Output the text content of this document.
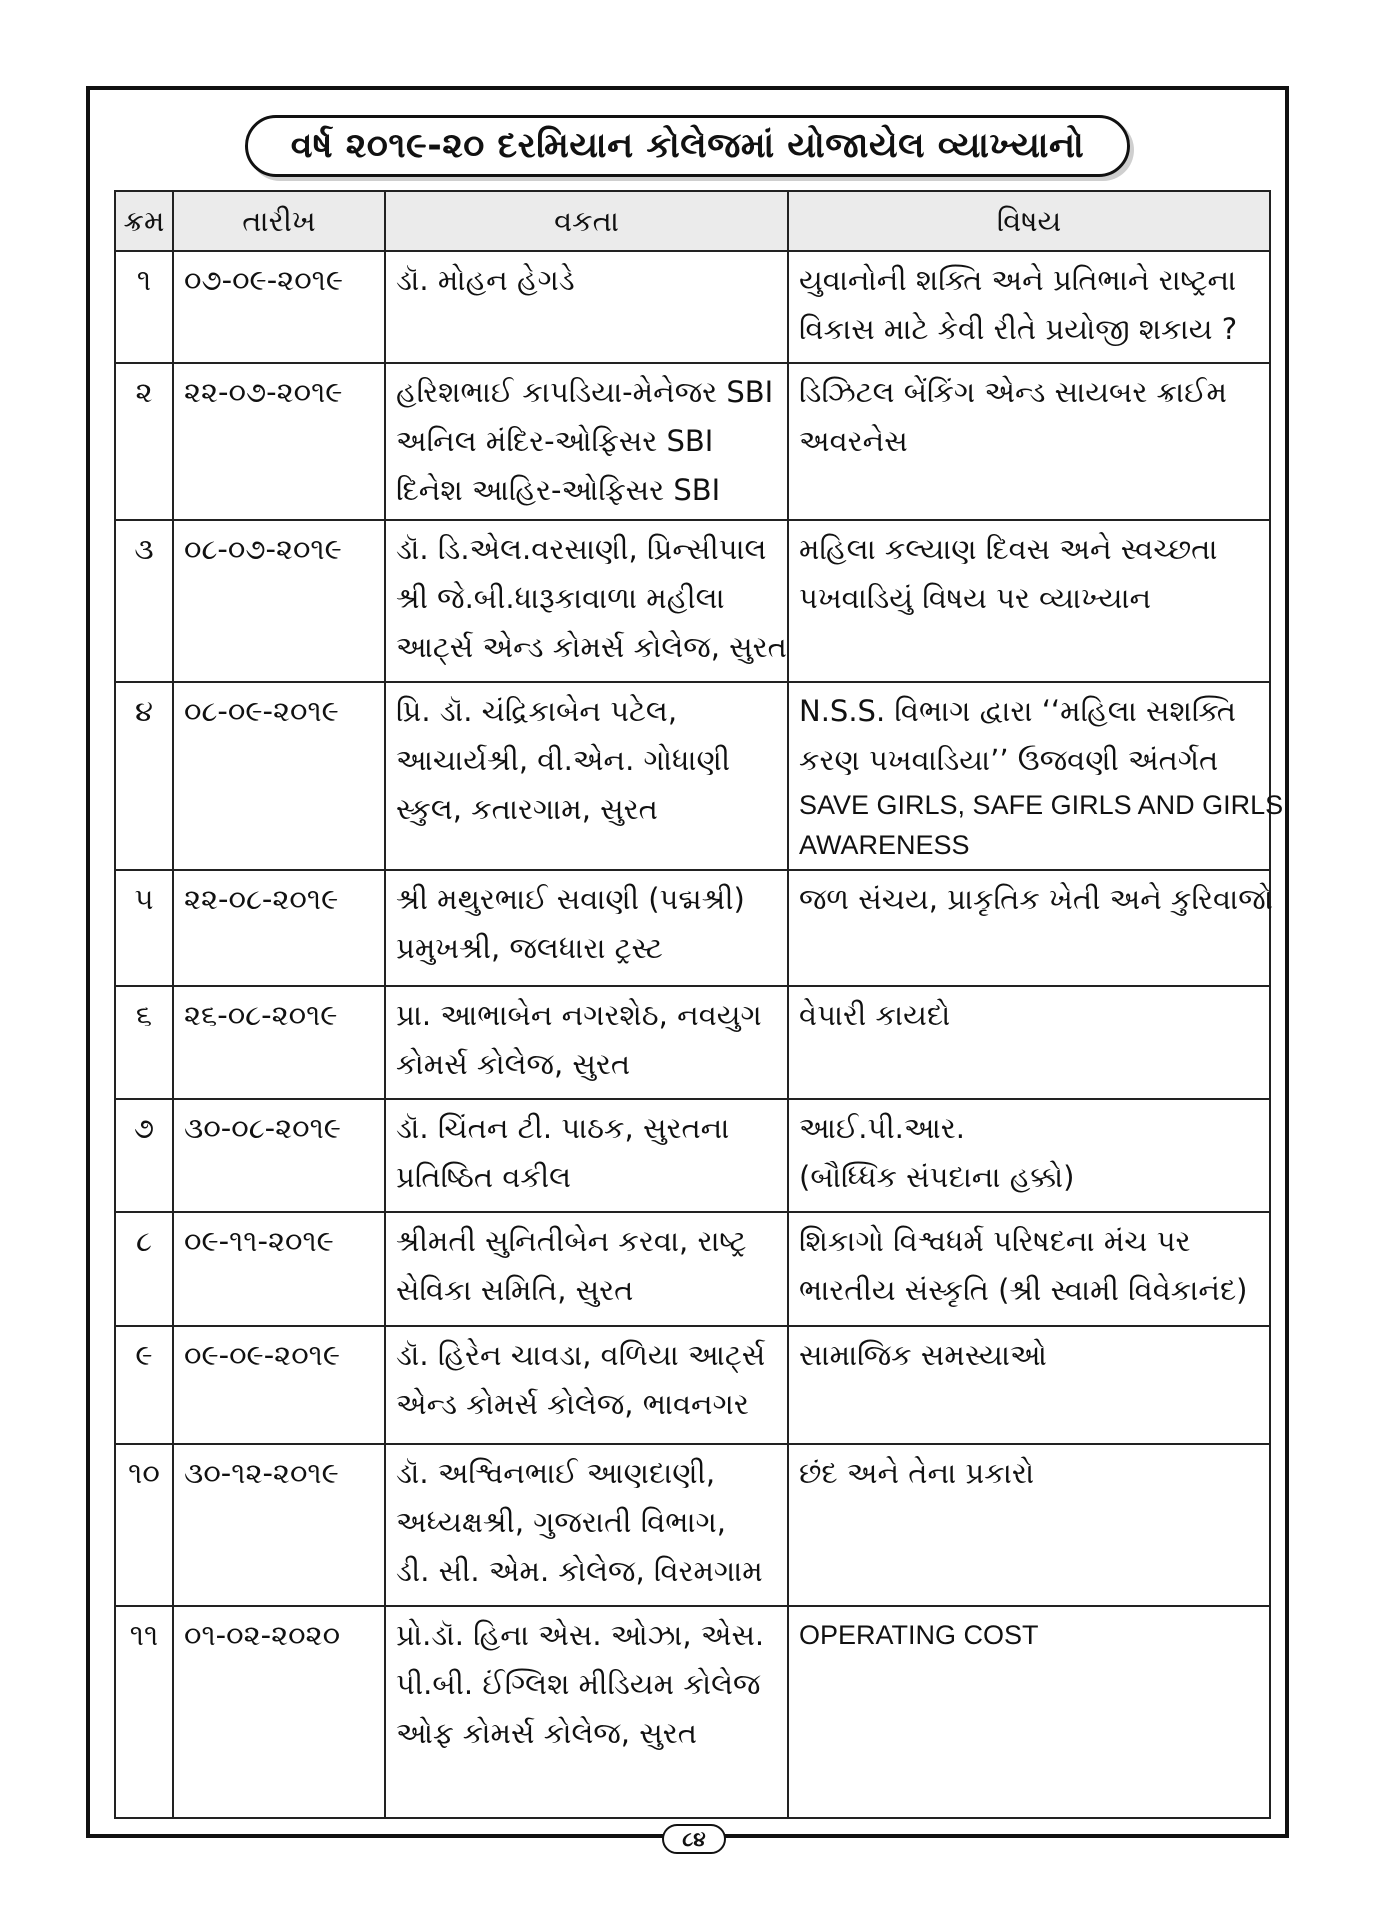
વર્ષ ૨૦૧૯-૨૦ દરમિયાન કોલેજમાં યોજાયેલ વ્યાખ્યાનો
ક્રમ	તારીખ	વકતા	વિષય
૧	૦૭-૦૯-૨૦૧૯	ડૉ. મોહન હેગડે	યુવાનોની શક્તિ અને પ્રતિભાને રાષ્ટ્રના
વિકાસ માટે કેવી રીતે પ્રયોજી શકાય ?

૨	૨૨-૦૭-૨૦૧૯	હરિશભાઈ કાપડિયા-મેનેજર SBI
અનિલ મંદિર-ઓફિસર SBI
દિનેશ આહિર-ઓફિસર SBI	ડિઝિટલ બેંકિંગ એન્ડ સાયબર ક્રાઈમ
અવરનેસ

૩	૦૮-૦૭-૨૦૧૯	ડૉ. ડિ.એલ.વરસાણી, પ્રિન્સીપાલ
શ્રી જે.બી.ધારૂકાવાળા મહીલા
આર્ટ્સ એન્ડ કોમર્સ કોલેજ, સુરત	મહિલા કલ્યાણ દિવસ અને સ્વચ્છતા
પખવાડિયું વિષય પર વ્યાખ્યાન

૪	૦૮-૦૯-૨૦૧૯	પ્રિ. ડૉ. ચંદ્રિકાબેન પટેલ,
આચાર્યશ્રી, વી.એન. ગોધાણી
સ્કુલ, કતારગામ, સુરત	N.S.S. વિભાગ દ્વારા ‘‘મહિલા સશક્તિ
કરણ પખવાડિયા’’ ઉજવણી અંતર્ગત
SAVE GIRLS, SAFE GIRLS AND GIRLS
AWARENESS

૫	૨૨-૦૮-૨૦૧૯	શ્રી મથુરભાઈ સવાણી (પદ્મશ્રી)
પ્રમુખશ્રી, જલધારા ટ્રસ્ટ	જળ સંચય, પ્રાકૃતિક ખેતી અને કુરિવાજો

૬	૨૬-૦૮-૨૦૧૯	પ્રા. આભાબેન નગરશેઠ, નવયુગ
કોમર્સ કોલેજ, સુરત	વેપારી કાયદો

૭	૩૦-૦૮-૨૦૧૯	ડૉ. ચિંતન ટી. પાઠક, સુરતના
પ્રતિષ્ઠિત વકીલ	આઈ.પી.આર.
(બૌધ્ધિક સંપદાના હક્કો)

૮	૦૯-૧૧-૨૦૧૯	શ્રીમતી સુનિતીબેન કરવા, રાષ્ટ્ર
સેવિકા સમિતિ, સુરત	શિકાગો વિશ્વધર્મ પરિષદના મંચ પર
ભારતીય સંસ્કૃતિ (શ્રી સ્વામી વિવેકાનંદ)

૯	૦૯-૦૯-૨૦૧૯	ડૉ. હિરેન ચાવડા, વળિયા આર્ટ્સ
એન્ડ કોમર્સ કોલેજ, ભાવનગર	સામાજિક સમસ્યાઓ

૧૦	૩૦-૧૨-૨૦૧૯	ડૉ. અશ્વિનભાઈ આણદાણી,
અધ્યક્ષશ્રી, ગુજરાતી વિભાગ,
ડી. સી. એમ. કોલેજ, વિરમગામ	છંદ અને તેના પ્રકારો

૧૧	૦૧-૦૨-૨૦૨૦	પ્રો.ડૉ. હિના એસ. ઓઝા, એસ.
પી.બી. ઈંગ્લિશ મીડિયમ કોલેજ
ઓફ કોમર્સ કોલેજ, સુરત	OPERATING COST
૮૪
